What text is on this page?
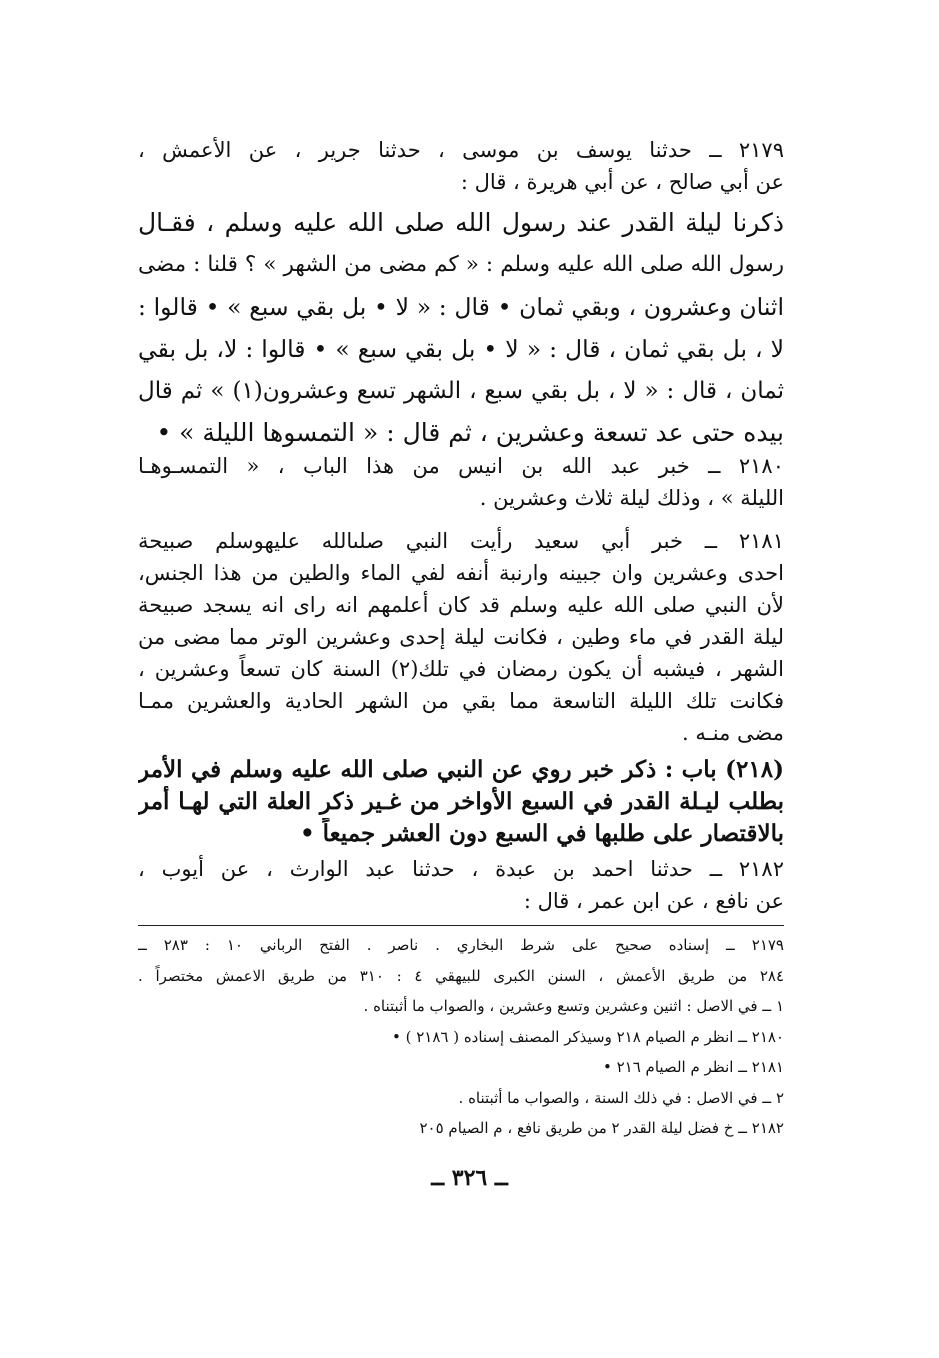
٢١٧٩ ــ حدثنا يوسف بن موسى ، حدثنا جرير ، عن الأعمش ،
عن أبي صالح ، عن أبي هريرة ، قال :
ذكرنا ليلة القدر عند رسول الله صلى الله عليه وسلم ، فقـال
رسول الله صلى الله عليه وسلم : « كم مضى من الشهر » ؟ قلنا : مضى
اثنان وعشرون ، وبقي ثمان • قال : « لا • بل بقي سبع » • قالوا :
لا ، بل بقي ثمان ، قال : « لا • بل بقي سبع » • قالوا : لا، بل بقي
ثمان ، قال : « لا ، بل بقي سبع ، الشهر تسع وعشرون(١) » ثم قال
بيده حتى عد تسعة وعشرين ، ثم قال : « التمسوها الليلة » •
٢١٨٠ ــ خبر عبد الله بن انيس من هذا الباب ، « التمسـوهـا
الليلة » ، وذلك ليلة ثلاث وعشرين .
٢١٨١ ــ خبر أبي سعيد رأيت النبي صلىالله عليهوسلم صبيحة
احدى وعشرين وان جبينه وارنبة أنفه لفي الماء والطين من هذا الجنس،
لأن النبي صلى الله عليه وسلم قد كان أعلمهم انه راى انه يسجد صبيحة
ليلة القدر في ماء وطين ، فكانت ليلة إحدى وعشرين الوتر مما مضى من
الشهر ، فيشبه أن يكون رمضان في تلك(٢) السنة كان تسعاً وعشرين ،
فكانت تلك الليلة التاسعة مما بقي من الشهر الحادية والعشرين ممـا
مضى منـه .
(٢١٨) باب : ذكر خبر روي عن النبي صلى الله عليه وسلم في الأمر
بطلب ليـلة القدر في السبع الأواخر من غـير ذكر العلة التي لهـا أمر
بالاقتصار على طلبها في السبع دون العشر جميعاً •
٢١٨٢ ــ حدثنا احمد بن عبدة ، حدثنا عبد الوارث ، عن أيوب ،
عن نافع ، عن ابن عمر ، قال :
٢١٧٩ ــ إسناده صحيح على شرط البخاري . ناصر . الفتح الرباني ١٠ : ٢٨٣ ــ
٢٨٤ من طريق الأعمش ، السنن الكبرى للبيهقي ٤ : ٣١٠ من طريق الاعمش مختصراً .
١ ــ في الاصل : اثنين وعشرين وتسع وعشرين ، والصواب ما أثبتناه .
٢١٨٠ ــ انظر م الصيام ٢١٨ وسيذكر المصنف إسناده ( ٢١٨٦ ) •
٢١٨١ ــ انظر م الصيام ٢١٦ •
٢ ــ في الاصل : في ذلك السنة ، والصواب ما أثبتناه .
٢١٨٢ ــ خ فضل ليلة القدر ٢ من طريق نافع ، م الصيام ٢٠٥
ــ ٣٢٦ ــ
